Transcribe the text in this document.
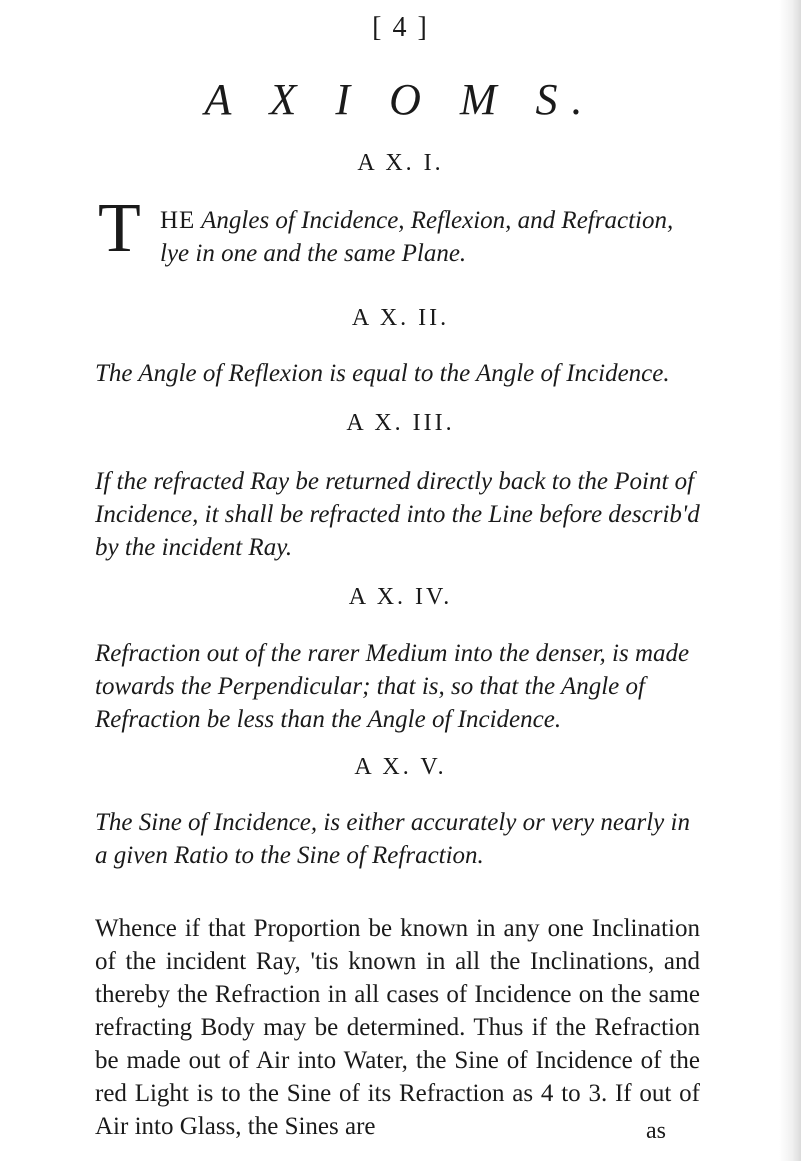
[ 4 ]
A X I O M S.
A X. I.
T HE Angles of Incidence, Reflexion, and Refraction, lye in one and the same Plane.
A X. II.
The Angle of Reflexion is equal to the Angle of Incidence.
A X. III.
If the refracted Ray be returned directly back to the Point of Incidence, it shall be refracted into the Line before describ'd by the incident Ray.
A X. IV.
Refraction out of the rarer Medium into the denser, is made towards the Perpendicular; that is, so that the Angle of Refraction be less than the Angle of Incidence.
A X. V.
The Sine of Incidence, is either accurately or very nearly in a given Ratio to the Sine of Refraction.
Whence if that Proportion be known in any one Inclination of the incident Ray, 'tis known in all the Inclinations, and thereby the Refraction in all cases of Incidence on the same refracting Body may be determined. Thus if the Refraction be made out of Air into Water, the Sine of Incidence of the red Light is to the Sine of its Refraction as 4 to 3. If out of Air into Glass, the Sines are	as
